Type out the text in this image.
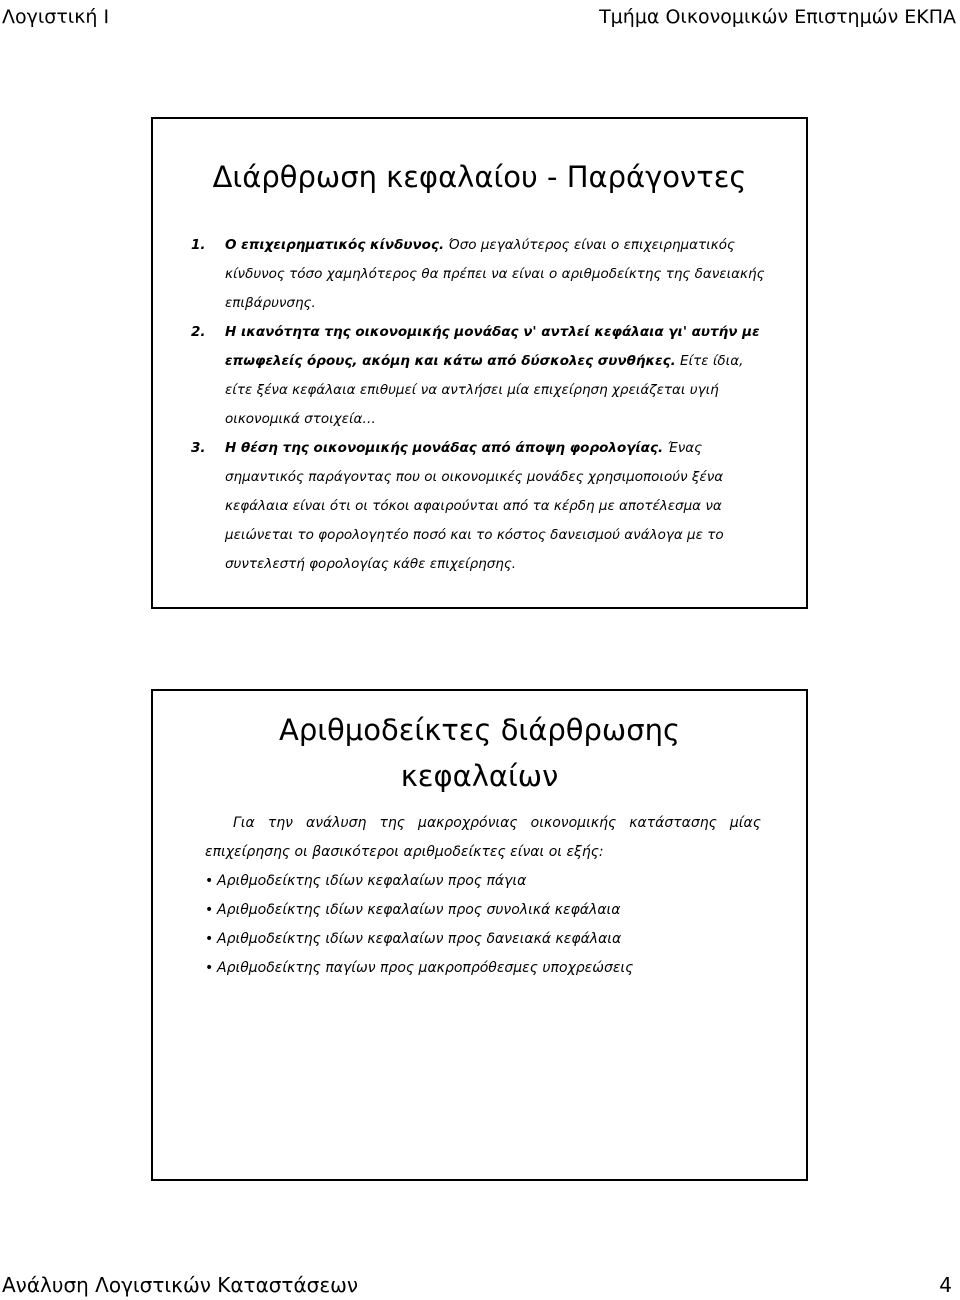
Λογιστική Ι	Τμήμα Οικονομικών Επιστημών ΕΚΠΑ
Διάρθρωση κεφαλαίου - Παράγοντες
1.	Ο επιχειρηματικός κίνδυνος. Όσο μεγαλύτερος είναι ο επιχειρηματικός κίνδυνος τόσο χαμηλότερος θα πρέπει να είναι ο αριθμοδείκτης της δανειακής επιβάρυνσης.
2.	Η ικανότητα της οικονομικής μονάδας ν' αντλεί κεφάλαια γι' αυτήν με επωφελείς όρους, ακόμη και κάτω από δύσκολες συνθήκες. Είτε ίδια, είτε ξένα κεφάλαια επιθυμεί να αντλήσει μία επιχείρηση χρειάζεται υγιή οικονομικά στοιχεία…
3.	Η θέση της οικονομικής μονάδας από άποψη φορολογίας. Ένας σημαντικός παράγοντας που οι οικονομικές μονάδες χρησιμοποιούν ξένα κεφάλαια είναι ότι οι τόκοι αφαιρούνται από τα κέρδη με αποτέλεσμα να μειώνεται το φορολογητέο ποσό και το κόστος δανεισμού ανάλογα με το συντελεστή φορολογίας κάθε επιχείρησης.
Αριθμοδείκτες διάρθρωσης
κεφαλαίων

Για την ανάλυση της μακροχρόνιας οικονομικής κατάστασης μίας επιχείρησης οι βασικότεροι αριθμοδείκτες είναι οι εξής:

• Αριθμοδείκτης ιδίων κεφαλαίων προς πάγια
• Αριθμοδείκτης ιδίων κεφαλαίων προς συνολικά κεφάλαια
• Αριθμοδείκτης ιδίων κεφαλαίων προς δανειακά κεφάλαια
• Αριθμοδείκτης παγίων προς μακροπρόθεσμες υποχρεώσεις
Ανάλυση Λογιστικών Καταστάσεων	4
